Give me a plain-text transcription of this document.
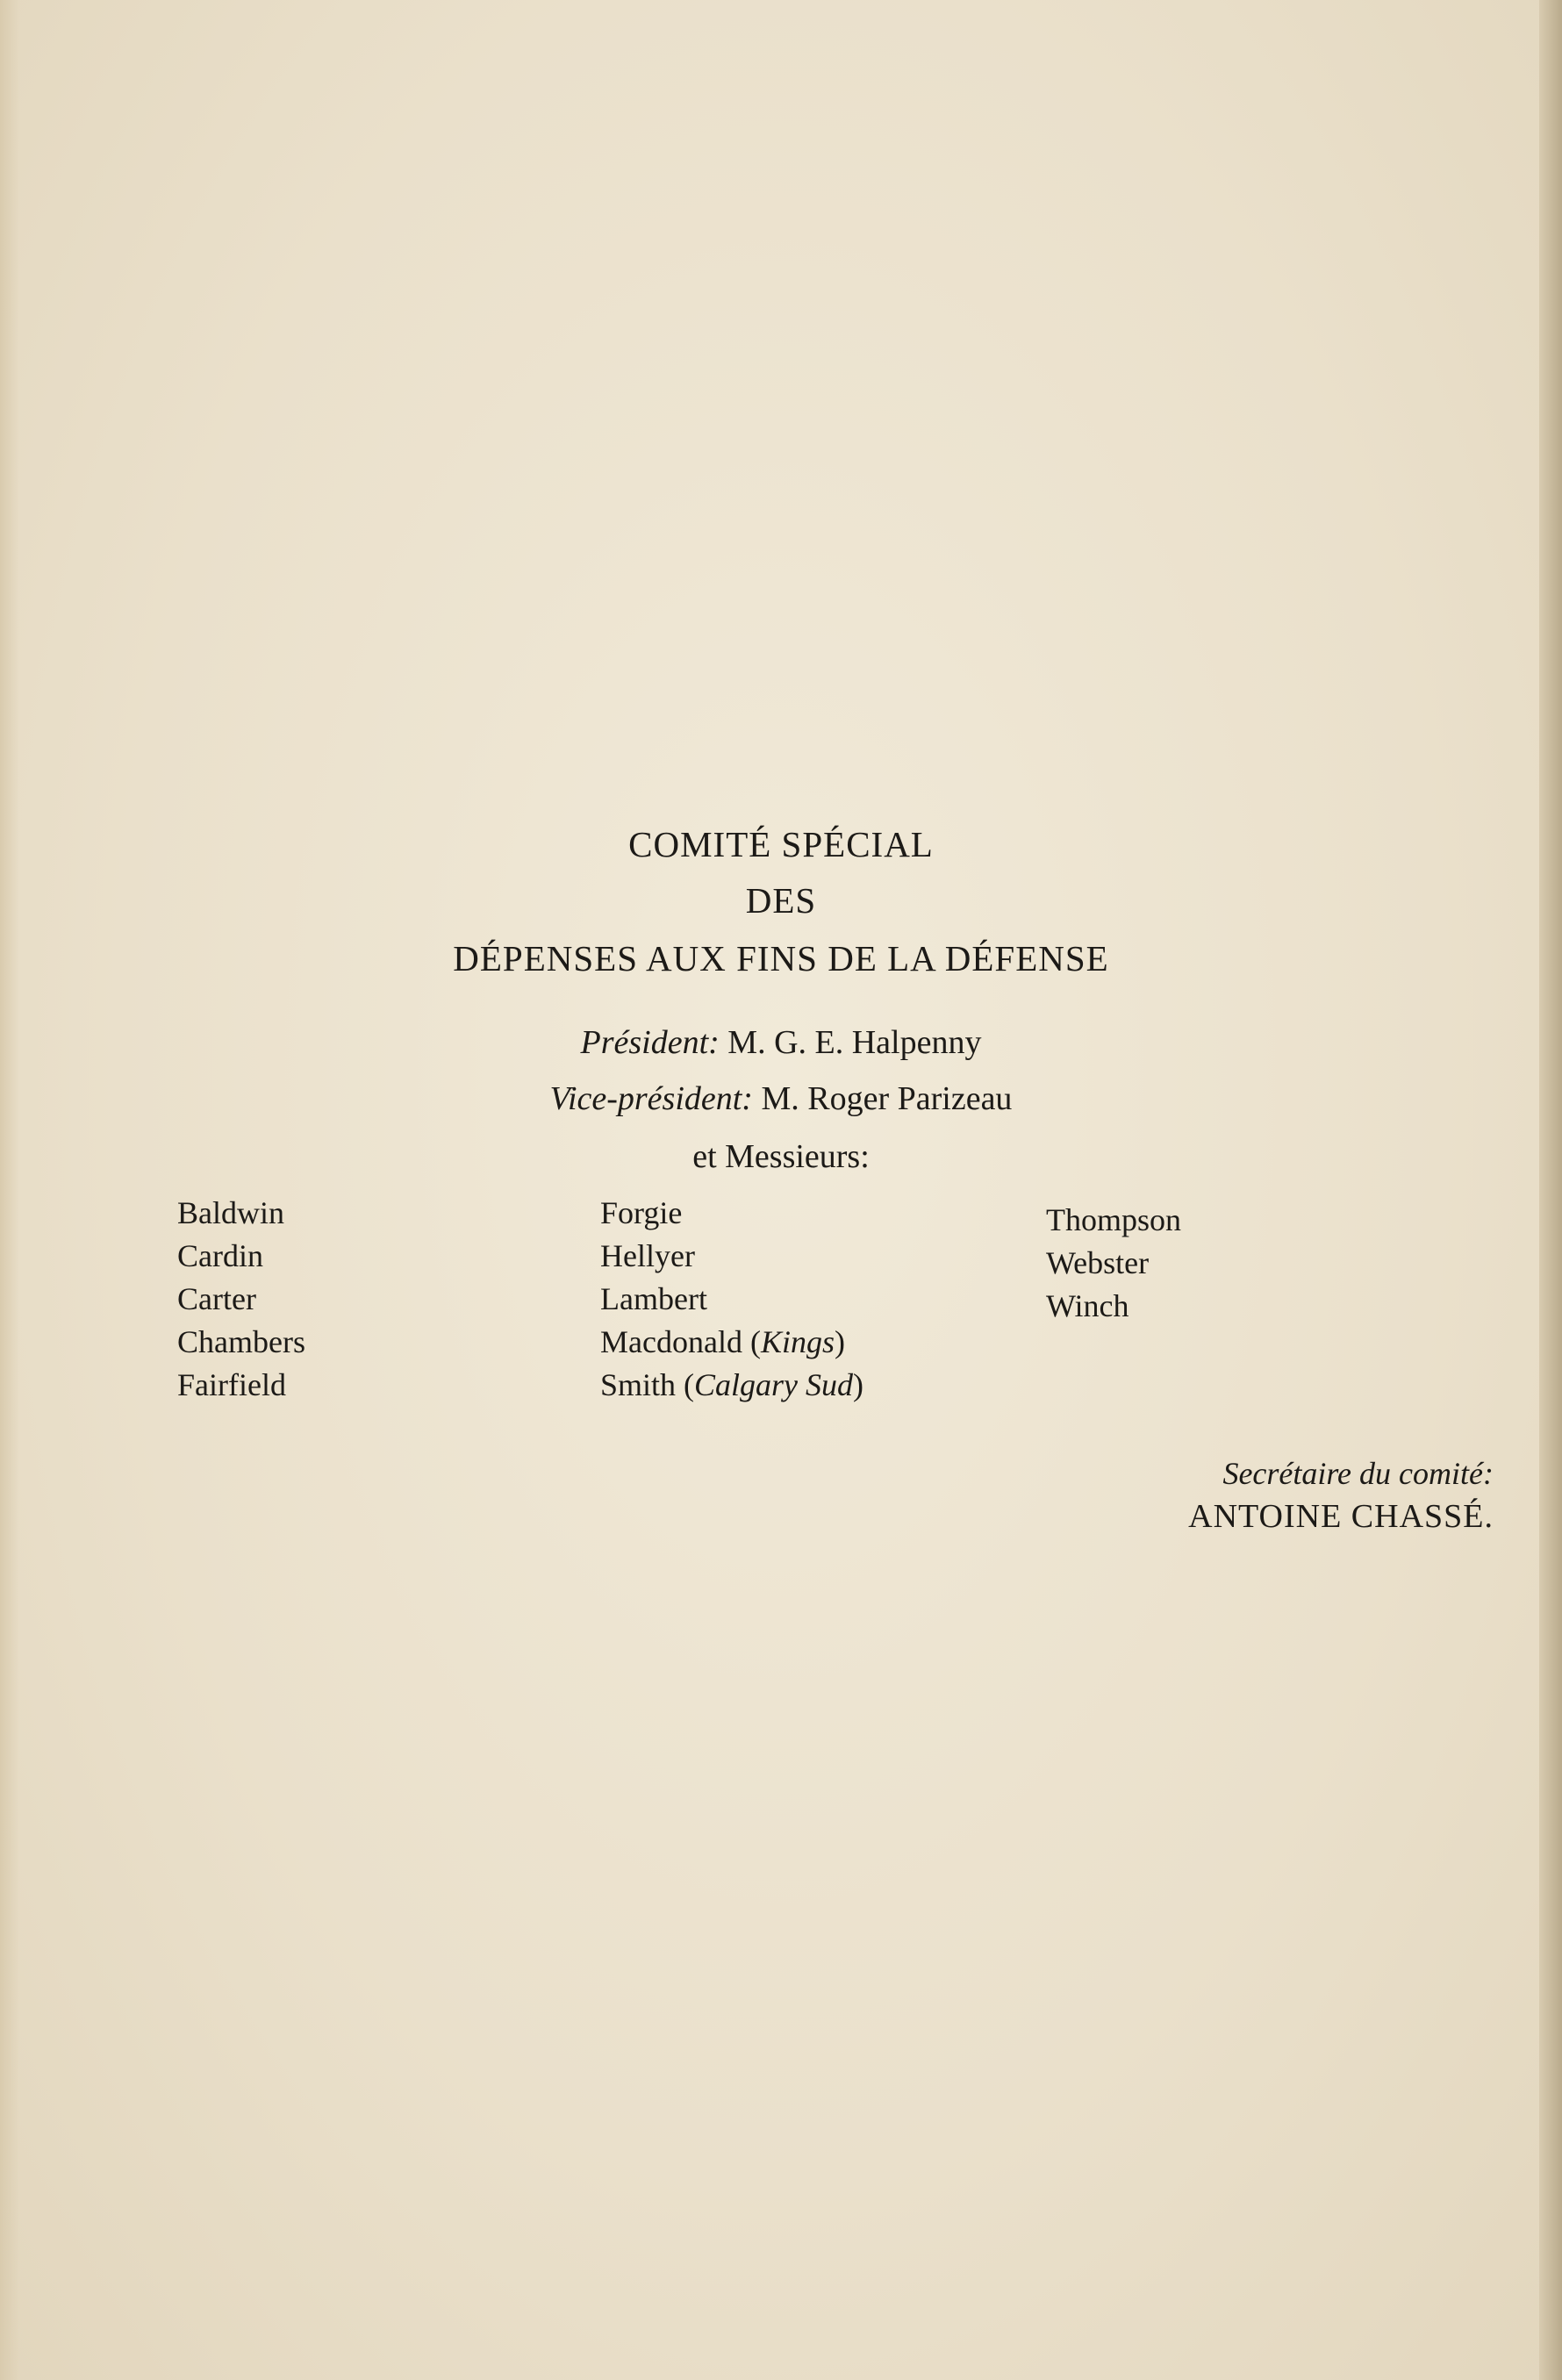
COMITÉ SPÉCIAL
DES
DÉPENSES AUX FINS DE LA DÉFENSE
Président: M. G. E. Halpenny
Vice-président: M. Roger Parizeau
et Messieurs:
Baldwin
Cardin
Carter
Chambers
Fairfield
Forgie
Hellyer
Lambert
Macdonald (Kings)
Smith (Calgary Sud)
Thompson
Webster
Winch
Secrétaire du comité:
ANTOINE CHASSÉ.
